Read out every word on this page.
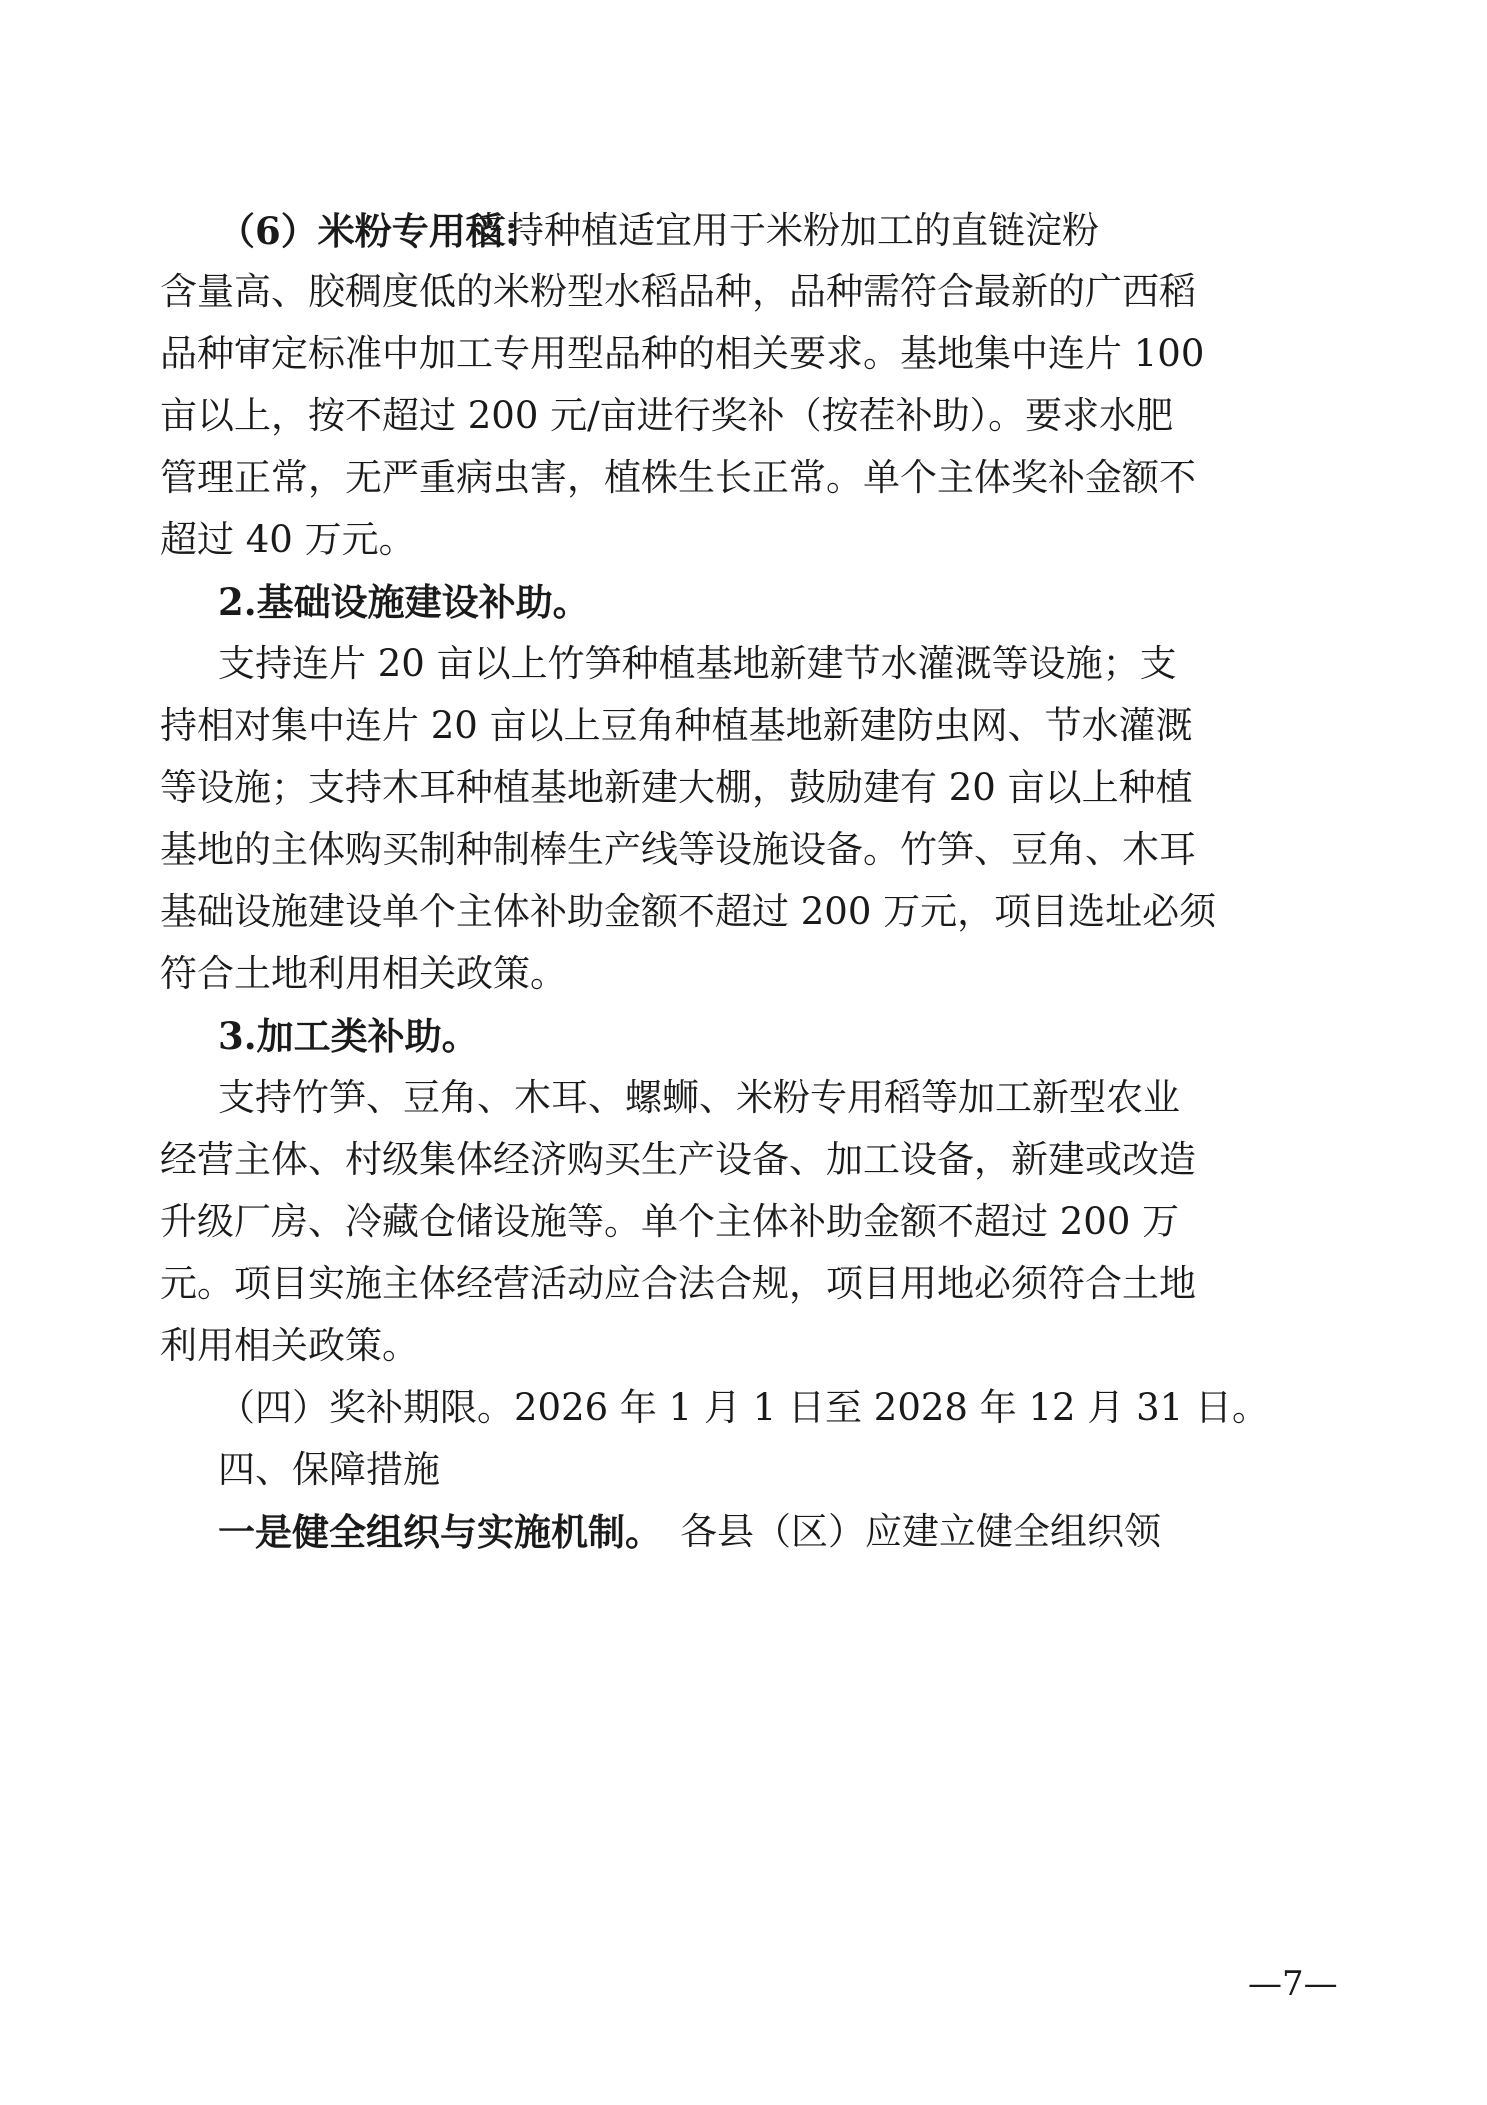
（6）米粉专用稻：
支持种植适宜用于米粉加工的直链淀粉
含量高、胶稠度低的米粉型水稻品种，品种需符合最新的广西稻
品种审定标准中加工专用型品种的相关要求。基地集中连片 100
亩以上，按不超过 200 元/亩进行奖补（按茬补助）。要求水肥
管理正常，无严重病虫害，植株生长正常。单个主体奖补金额不
超过 40 万元。
2.基础设施建设补助。
支持连片 20 亩以上竹笋种植基地新建节水灌溉等设施；支
持相对集中连片 20 亩以上豆角种植基地新建防虫网、节水灌溉
等设施；支持木耳种植基地新建大棚，鼓励建有 20 亩以上种植
基地的主体购买制种制棒生产线等设施设备。竹笋、豆角、木耳
基础设施建设单个主体补助金额不超过 200 万元，项目选址必须
符合土地利用相关政策。
3.加工类补助。
支持竹笋、豆角、木耳、螺蛳、米粉专用稻等加工新型农业
经营主体、村级集体经济购买生产设备、加工设备，新建或改造
升级厂房、冷藏仓储设施等。单个主体补助金额不超过 200 万
元。项目实施主体经营活动应合法合规，项目用地必须符合土地
利用相关政策。
（四）奖补期限。2026 年 1 月 1 日至 2028 年 12 月 31 日。
四、保障措施
一是健全组织与实施机制。 各县（区）应建立健全组织领
—7—
